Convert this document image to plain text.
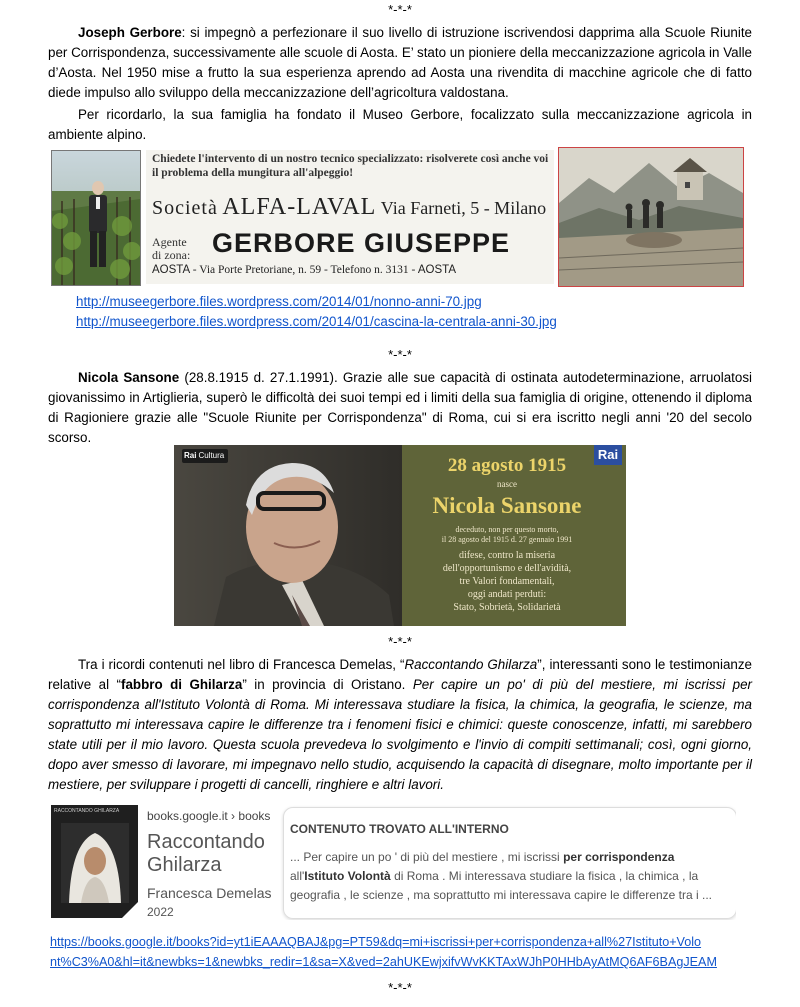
*-*-*

Joseph Gerbore: si impegnò a perfezionare il suo livello di istruzione iscrivendosi dapprima alla Scuole Riunite per Corrispondenza, successivamente alle scuole di Aosta. E’ stato un pioniere della meccanizzazione agricola in Valle d’Aosta. Nel 1950 mise a frutto la sua esperienza aprendo ad Aosta una rivendita di macchine agricole che di fatto diede impulso allo sviluppo della meccanizzazione dell’agricoltura valdostana.

Per ricordarlo, la sua famiglia ha fondato il Museo Gerbore, focalizzato sulla meccanizzazione agricola in ambiente alpino.

Chiedete l'intervento di un nostro tecnico specializzato: risolverete così anche voi il problema della mungitura all'alpeggio!
Società ALFA-LAVAL Via Farneti, 5 - Milano
Agente
di zona: GERBORE GIUSEPPE
AOSTA - Via Porte Pretoriane, n. 59 - Telefono n. 3131 - AOSTA
http://museegerbore.files.wordpress.com/2014/01/nonno-anni-70.jpg
http://museegerbore.files.wordpress.com/2014/01/cascina-la-centrala-anni-30.jpg
*-*-*

Nicola Sansone (28.8.1915 d. 27.1.1991). Grazie alle sue capacità di ostinata autodeterminazione, arruolatosi giovanissimo in Artiglieria, superò le difficoltà dei suoi tempi ed i limiti della sua famiglia di origine, ottenendo il diploma di Ragioniere grazie alle "Scuole Riunite per Corrispondenza" di Roma, cui si era iscritto negli anni '20 del secolo scorso.

Rai Cultura	Rai
28 agosto 1915
nasce
Nicola Sansone
deceduto, non per questo morto,
il 28 agosto del 1915 d. 27 gennaio 1991
difese, contro la miseria
dell'opportunismo e dell'avidità,
tre Valori fondamentali,
oggi andati perduti:
Stato, Sobrietà, Solidarietà
*-*-*

Tra i ricordi contenuti nel libro di Francesca Demelas, “Raccontando Ghilarza”, interessanti sono le testimonianze relative al “fabbro di Ghilarza” in provincia di Oristano. Per capire un po' di più del mestiere, mi iscrissi per corrispondenza all'Istituto Volontà di Roma. Mi interessava studiare la fisica, la chimica, la geografia, le scienze, ma soprattutto mi interessava capire le differenze tra i fenomeni fisici e chimici: queste conoscenze, infatti, mi sarebbero state utili per il mio lavoro. Questa scuola prevedeva lo svolgimento e l'invio di compiti settimanali; così, ogni giorno, dopo aver smesso di lavorare, mi impegnavo nello studio, acquisendo la capacità di disegnare, molto importante per il mestiere, per sviluppare i progetti di cancelli, ringhiere e altri lavori.

RACCONTANDO GHILARZA	books.google.it › books
Raccontando
Ghilarza
Francesca Demelas
2022
CONTENUTO TROVATO ALL'INTERNO
... Per capire un po ' di più del mestiere , mi iscrissi per corrispondenza
all'Istituto Volontà di Roma . Mi interessava studiare la fisica , la chimica , la
geografia , le scienze , ma soprattutto mi interessava capire le differenze tra i ...
https://books.google.it/books?id=yt1iEAAAQBAJ&pg=PT59&dq=mi+iscrissi+per+corrispondenza+all%27Istituto+Volo
nt%C3%A0&hl=it&newbks=1&newbks_redir=1&sa=X&ved=2ahUKEwjxifvWvKKTAxWJhP0HHbAyAtMQ6AF6BAgJEAM
*-*-*
